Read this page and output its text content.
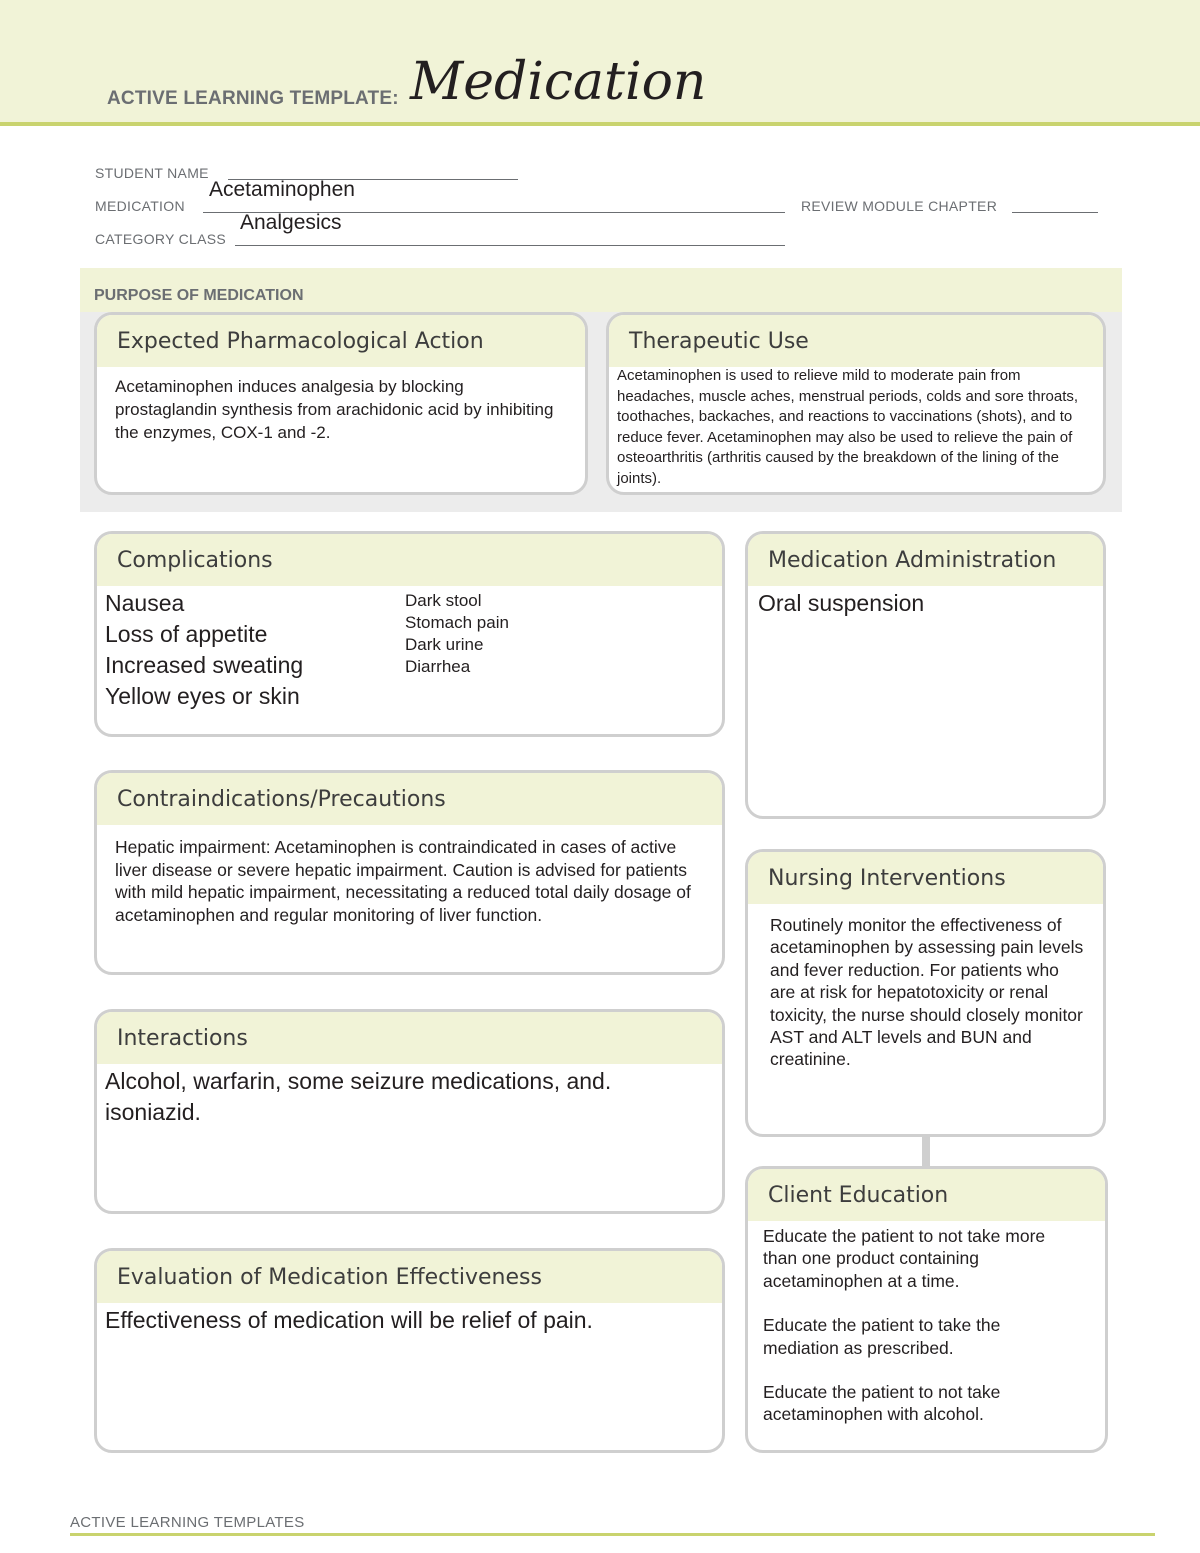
ACTIVE LEARNING TEMPLATE: Medication
STUDENT NAME
MEDICATION
Acetaminophen
CATEGORY CLASS
Analgesics
REVIEW MODULE CHAPTER
PURPOSE OF MEDICATION
Expected Pharmacological Action
Acetaminophen induces analgesia by blocking prostaglandin synthesis from arachidonic acid by inhibiting the enzymes, COX-1 and -2.
Therapeutic Use
Acetaminophen is used to relieve mild to moderate pain from headaches, muscle aches, menstrual periods, colds and sore throats, toothaches, backaches, and reactions to vaccinations (shots), and to reduce fever. Acetaminophen may also be used to relieve the pain of osteoarthritis (arthritis caused by the breakdown of the lining of the joints).
Complications
Nausea
Loss of appetite
Increased sweating
Yellow eyes or skin
Dark stool
Stomach pain
Dark urine
Diarrhea
Medication Administration
Oral suspension
Contraindications/Precautions
Hepatic impairment: Acetaminophen is contraindicated in cases of active liver disease or severe hepatic impairment. Caution is advised for patients with mild hepatic impairment, necessitating a reduced total daily dosage of acetaminophen and regular monitoring of liver function.
Nursing Interventions
Routinely monitor the effectiveness of acetaminophen by assessing pain levels and fever reduction. For patients who are at risk for hepatotoxicity or renal toxicity, the nurse should closely monitor AST and ALT levels and BUN and creatinine.
Interactions
Alcohol, warfarin, some seizure medications, and. isoniazid.
Client Education
Educate the patient to not take more than one product containing acetaminophen at a time.
Educate the patient to take the mediation as prescribed.
Educate the patient to not take acetaminophen with alcohol.
Evaluation of Medication Effectiveness
Effectiveness of medication will be relief of pain.
ACTIVE LEARNING TEMPLATES
